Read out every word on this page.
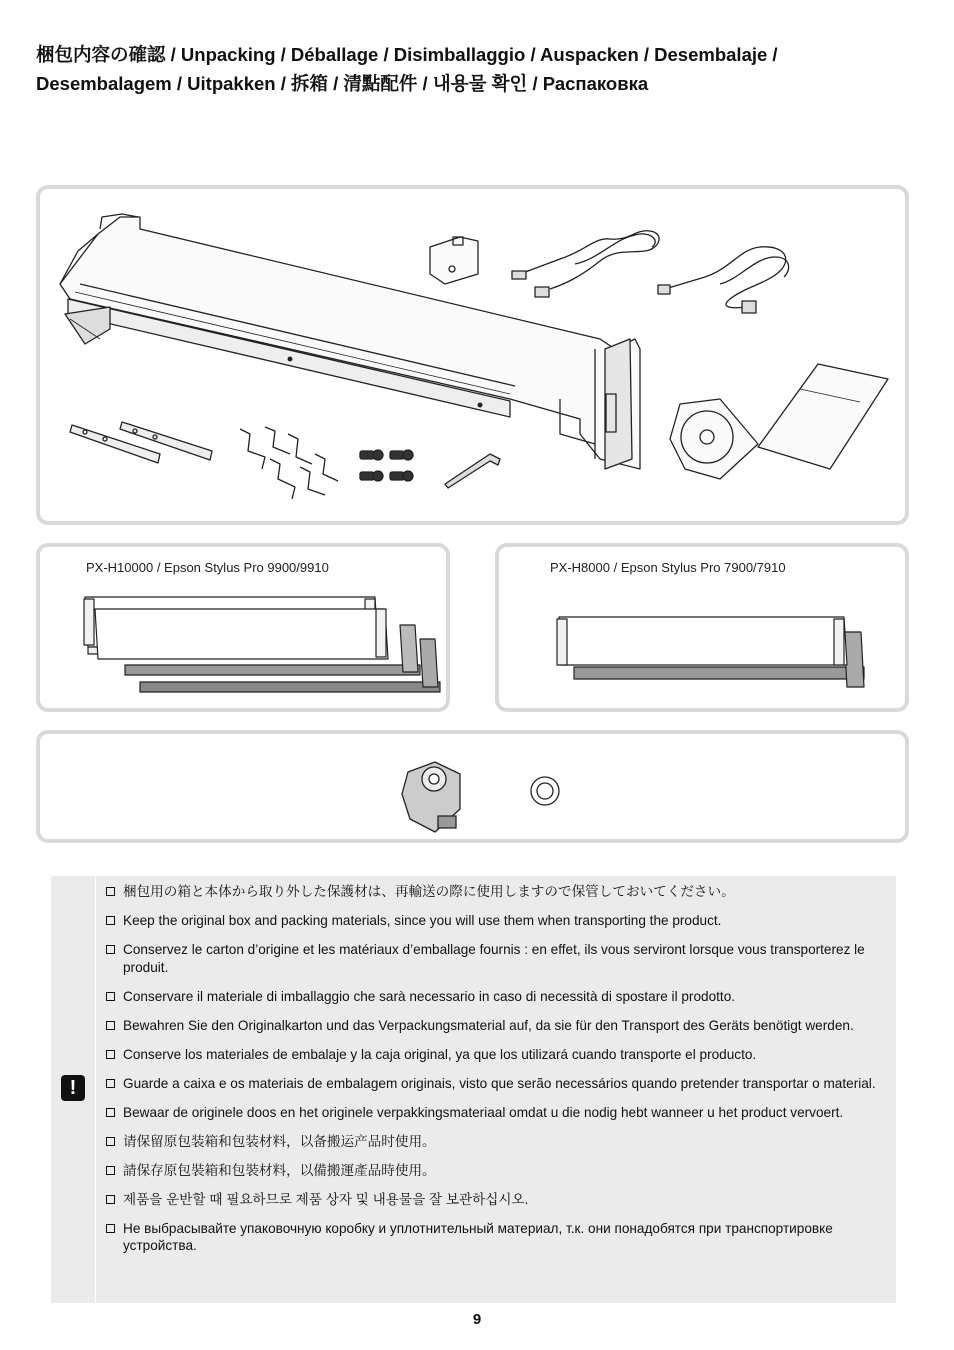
梱包内容の確認 / Unpacking / Déballage / Disimballaggio / Auspacken / Desembalaje / Desembalagem / Uitpakken / 拆箱 / 清點配件 / 내용물 확인 / Распаковка
PX-H10000 / Epson Stylus Pro 9900/9910	PX-H8000 / Epson Stylus Pro 7900/7910
!
梱包用の箱と本体から取り外した保護材は、再輸送の際に使用しますので保管しておいてください。
Keep the original box and packing materials, since you will use them when transporting the product.
Conservez le carton d’origine et les matériaux d’emballage fournis : en effet, ils vous serviront lorsque vous transporterez le produit.
Conservare il materiale di imballaggio che sarà necessario in caso di necessità di spostare il prodotto.
Bewahren Sie den Originalkarton und das Verpackungsmaterial auf, da sie für den Transport des Geräts benötigt werden.
Conserve los materiales de embalaje y la caja original, ya que los utilizará cuando transporte el producto.
Guarde a caixa e os materiais de embalagem originais, visto que serão necessários quando pretender transportar o material.
Bewaar de originele doos en het originele verpakkingsmateriaal omdat u die nodig hebt wanneer u het product vervoert.
请保留原包装箱和包装材料，以备搬运产品时使用。
請保存原包裝箱和包裝材料，以備搬運產品時使用。
제품을 운반할 때 필요하므로 제품 상자 및 내용물을 잘 보관하십시오.
Не выбрасывайте упаковочную коробку и уплотнительный материал, т.к. они понадобятся при транспортировке устройства.
9
